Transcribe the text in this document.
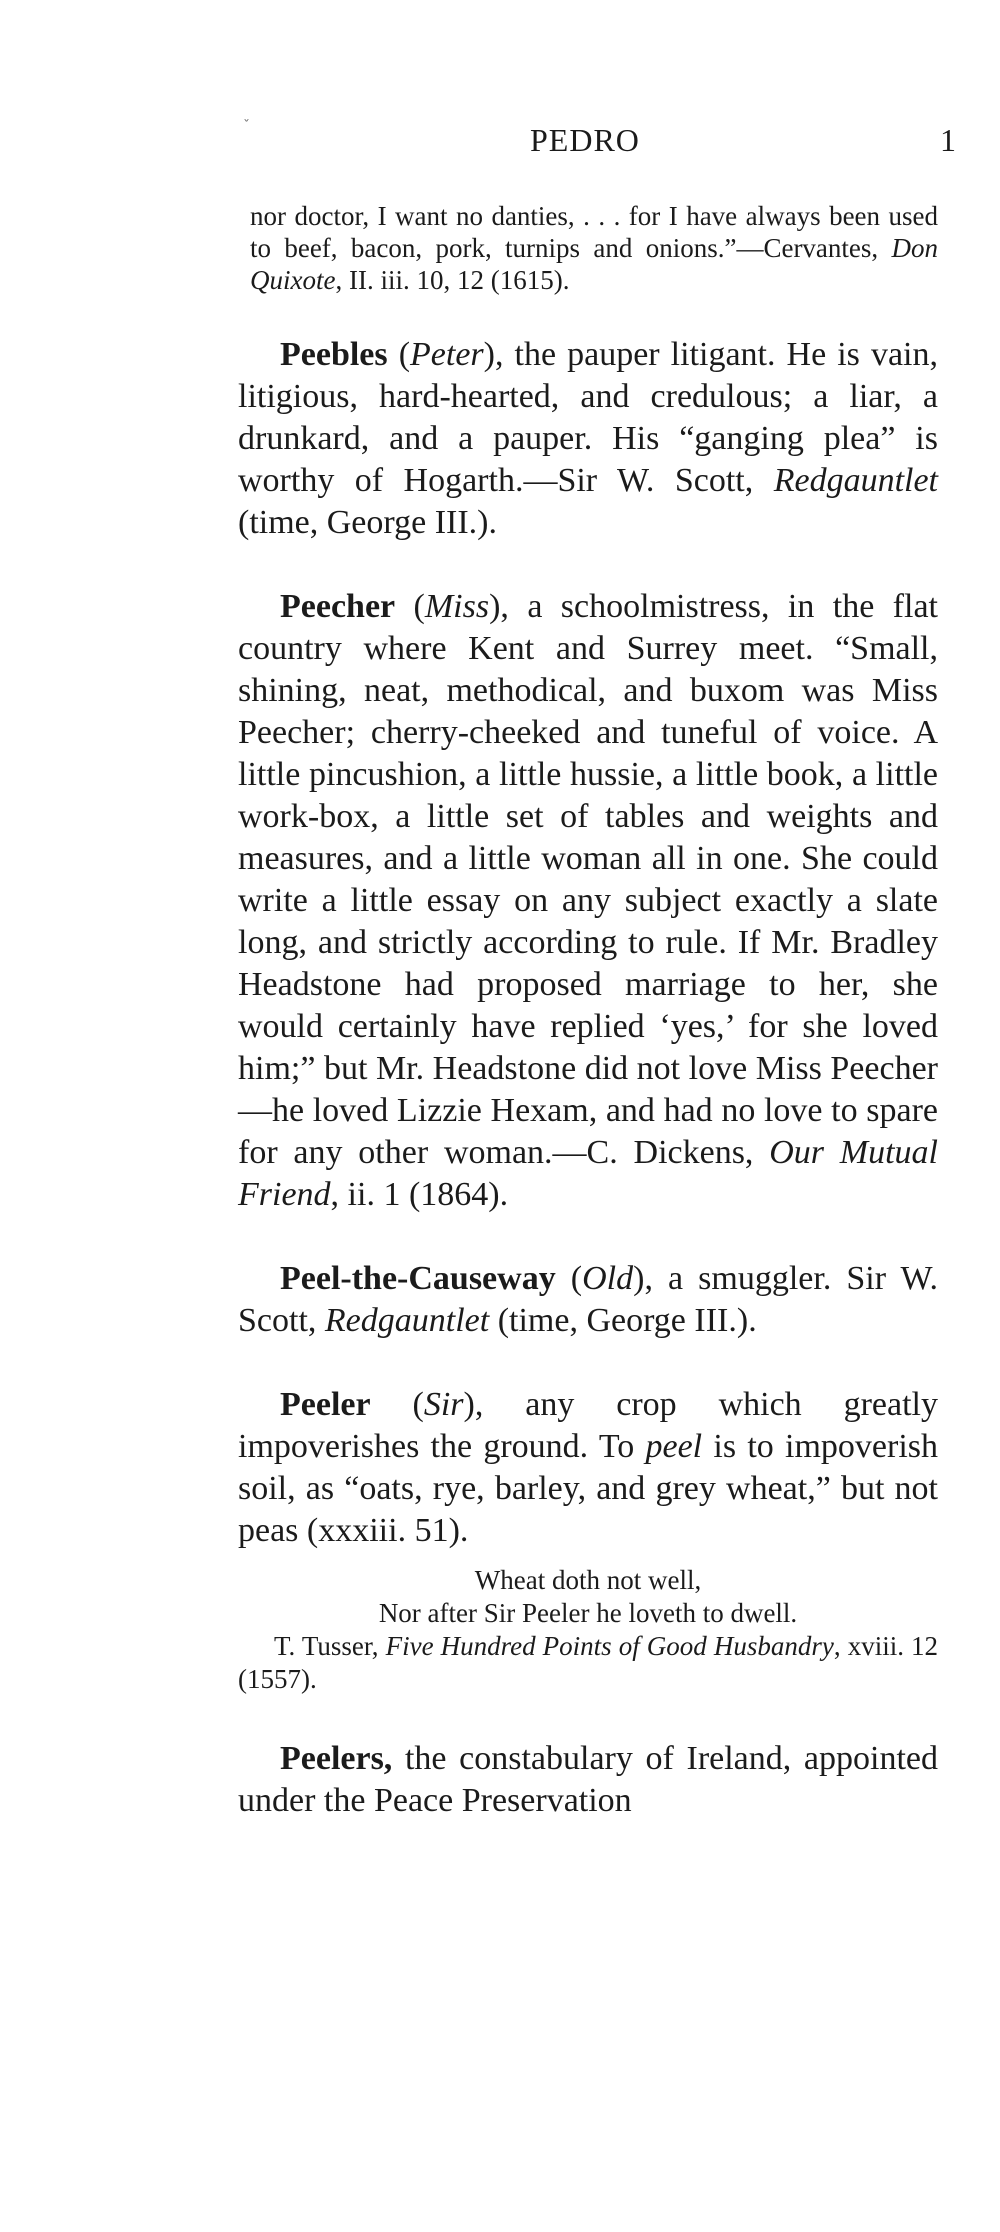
ˇ	PEDRO	1

nor doctor, I want no danties, . . . for I have always been used to beef, bacon, pork, turnips and onions.”—Cervantes, Don Quixote, II. iii. 10, 12 (1615).

Peebles (Peter), the pauper litigant. He is vain, litigious, hard-hearted, and credulous; a liar, a drunkard, and a pauper. His “ganging plea” is worthy of Hogarth.—Sir W. Scott, Redgauntlet (time, George III.).

Peecher (Miss), a schoolmistress, in the flat country where Kent and Surrey meet. “Small, shining, neat, methodical, and buxom was Miss Peecher; cherry-cheeked and tuneful of voice. A little pincushion, a little hussie, a little book, a little work-box, a little set of tables and weights and measures, and a little woman all in one. She could write a little essay on any subject exactly a slate long, and strictly according to rule. If Mr. Bradley Headstone had proposed marriage to her, she would certainly have replied ‘yes,’ for she loved him;” but Mr. Headstone did not love Miss Peecher—he loved Lizzie Hexam, and had no love to spare for any other woman.—C. Dickens, Our Mutual Friend, ii. 1 (1864).

Peel-the-Causeway (Old), a smuggler. Sir W. Scott, Redgauntlet (time, George III.).

Peeler (Sir), any crop which greatly impoverishes the ground. To peel is to impoverish soil, as “oats, rye, barley, and grey wheat,” but not peas (xxxiii. 51).

Wheat doth not well,
Nor after Sir Peeler he loveth to dwell.

T. Tusser, Five Hundred Points of Good Husbandry, xviii. 12 (1557).

Peelers, the constabulary of Ireland, appointed under the Peace Preservation
